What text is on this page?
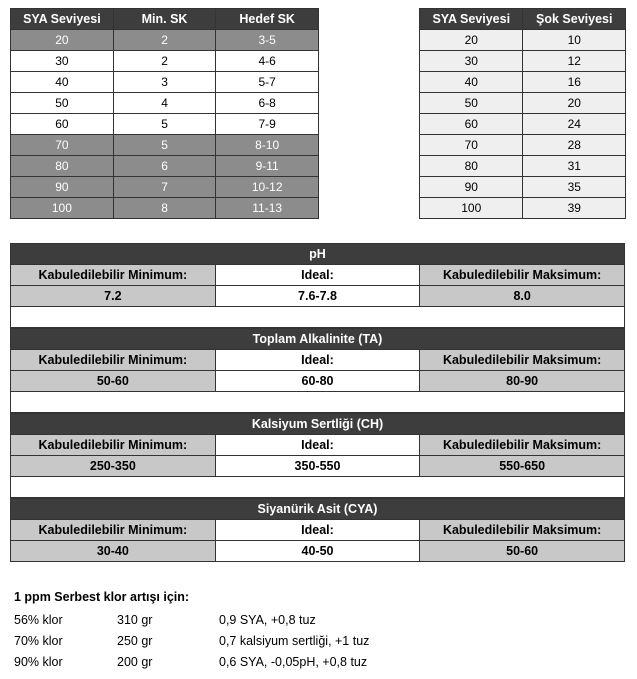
SYA Seviyesi	Min. SK	Hedef SK
20	2	3-5
30	2	4-6
40	3	5-7
50	4	6-8
60	5	7-9
70	5	8-10
80	6	9-11
90	7	10-12
100	8	11-13
SYA Seviyesi	Şok Seviyesi
20	10
30	12
40	16
50	20
60	24
70	28
80	31
90	35
100	39
pH		
Kabuledilebilir Minimum:	Ideal:	Kabuledilebilir Maksimum:
7.2	7.6-7.8	8.0

Toplam Alkalinite (TA)		
Kabuledilebilir Minimum:	Ideal:	Kabuledilebilir Maksimum:
50-60	60-80	80-90

Kalsiyum Sertliği (CH)		
Kabuledilebilir Minimum:	Ideal:	Kabuledilebilir Maksimum:
250-350	350-550	550-650

Siyanürik Asit (CYA)		
Kabuledilebilir Minimum:	Ideal:	Kabuledilebilir Maksimum:
30-40	40-50	50-60
1 ppm Serbest klor artışı için:
56% klor	310 gr	0,9 SYA, +0,8 tuz
70% klor	250 gr	0,7 kalsiyum sertliği, +1 tuz
90% klor	200 gr	0,6 SYA, -0,05pH, +0,8 tuz
